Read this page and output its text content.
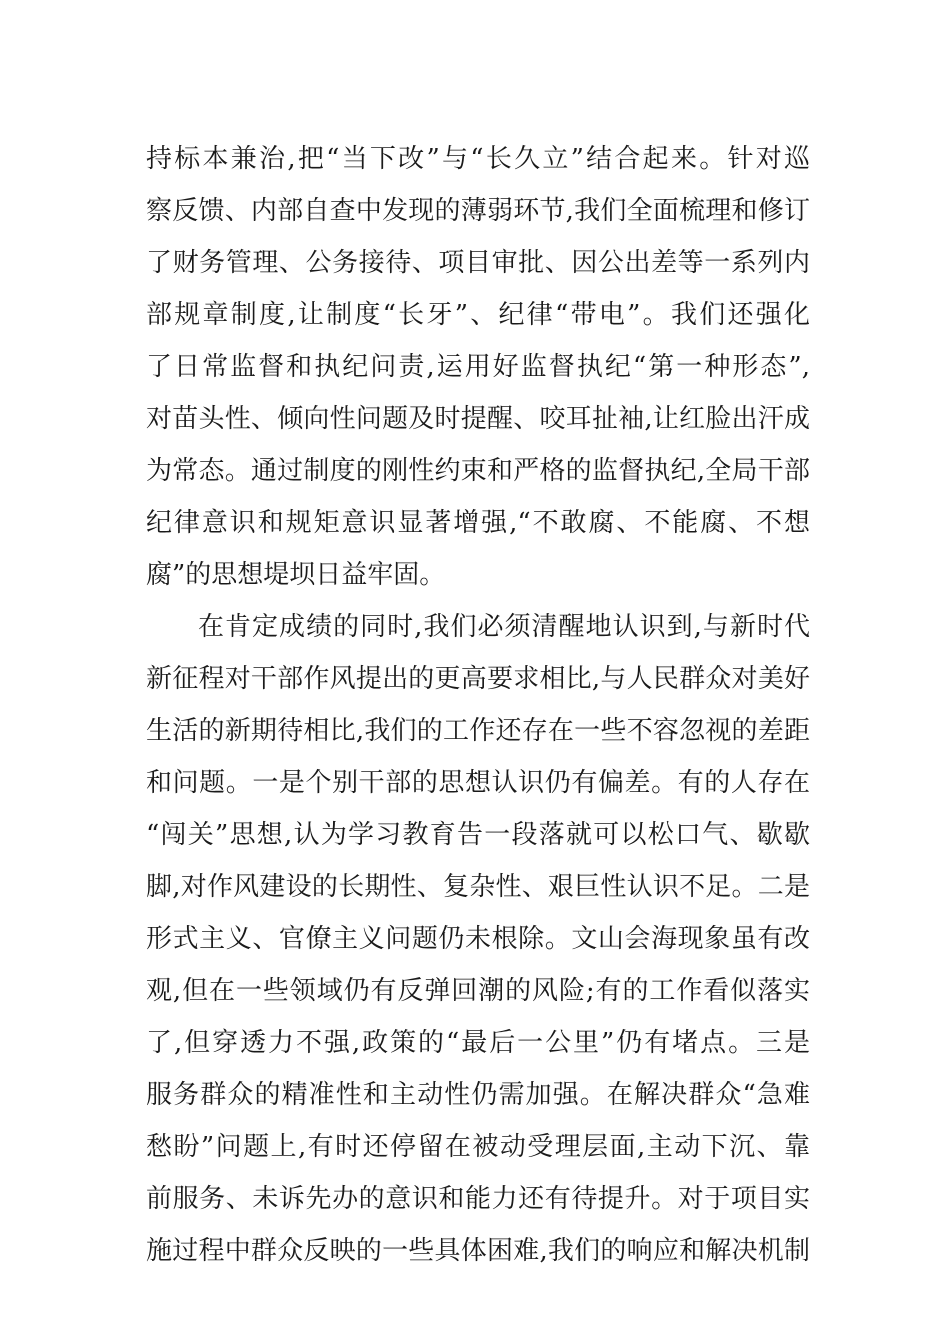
持标本兼治,把“当下改”与“长久立”结合起来。针对巡
察反馈、内部自查中发现的薄弱环节,我们全面梳理和修订
了财务管理、公务接待、项目审批、因公出差等一系列内
部规章制度,让制度“长牙”、纪律“带电”。我们还强化
了日常监督和执纪问责,运用好监督执纪“第一种形态”,
对苗头性、倾向性问题及时提醒、咬耳扯袖,让红脸出汗成
为常态。通过制度的刚性约束和严格的监督执纪,全局干部
纪律意识和规矩意识显著增强,“不敢腐、不能腐、不想
腐”的思想堤坝日益牢固。
在肯定成绩的同时,我们必须清醒地认识到,与新时代
新征程对干部作风提出的更高要求相比,与人民群众对美好
生活的新期待相比,我们的工作还存在一些不容忽视的差距
和问题。一是个别干部的思想认识仍有偏差。有的人存在
“闯关”思想,认为学习教育告一段落就可以松口气、歇歇
脚,对作风建设的长期性、复杂性、艰巨性认识不足。二是
形式主义、官僚主义问题仍未根除。文山会海现象虽有改
观,但在一些领域仍有反弹回潮的风险;有的工作看似落实
了,但穿透力不强,政策的“最后一公里”仍有堵点。三是
服务群众的精准性和主动性仍需加强。在解决群众“急难
愁盼”问题上,有时还停留在被动受理层面,主动下沉、靠
前服务、未诉先办的意识和能力还有待提升。对于项目实
施过程中群众反映的一些具体困难,我们的响应和解决机制
